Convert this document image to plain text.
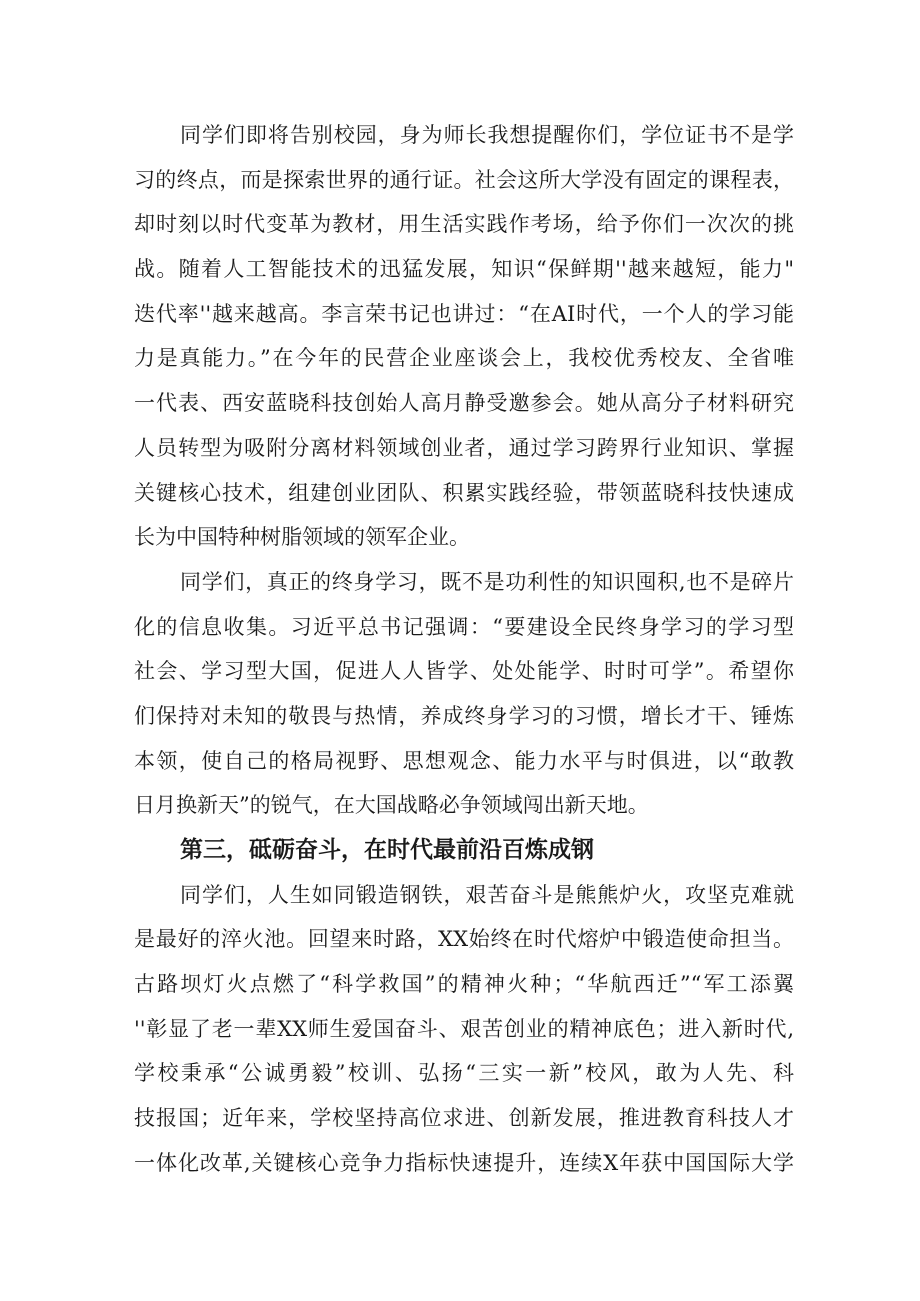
同学们即将告别校园，身为师长我想提醒你们，学位证书不是学
习的终点，而是探索世界的通行证。社会这所大学没有固定的课程表，
却时刻以时代变革为教材，用生活实践作考场，给予你们一次次的挑
战。随着人工智能技术的迅猛发展，知识“保鲜期''越来越短，能力"
迭代率''越来越高。李言荣书记也讲过：“在AI时代，一个人的学习能
力是真能力。”在今年的民营企业座谈会上，我校优秀校友、全省唯
一代表、西安蓝晓科技创始人高月静受邀参会。她从高分子材料研究
人员转型为吸附分离材料领域创业者，通过学习跨界行业知识、掌握
关键核心技术，组建创业团队、积累实践经验，带领蓝晓科技快速成
长为中国特种树脂领域的领军企业。
同学们，真正的终身学习，既不是功利性的知识囤积,也不是碎片
化的信息收集。习近平总书记强调：“要建设全民终身学习的学习型
社会、学习型大国，促进人人皆学、处处能学、时时可学”。希望你
们保持对未知的敬畏与热情，养成终身学习的习惯，增长才干、锤炼
本领，使自己的格局视野、思想观念、能力水平与时俱进，以“敢教
日月换新天”的锐气，在大国战略必争领域闯出新天地。
第三，砥砺奋斗，在时代最前沿百炼成钢
同学们，人生如同锻造钢铁，艰苦奋斗是熊熊炉火，攻坚克难就
是最好的淬火池。回望来时路，XX始终在时代熔炉中锻造使命担当。
古路坝灯火点燃了“科学救国”的精神火种；“华航西迁”“军工添翼
''彰显了老一辈XX师生爱国奋斗、艰苦创业的精神底色；进入新时代,
学校秉承“公诚勇毅”校训、弘扬“三实一新”校风，敢为人先、科
技报国；近年来，学校坚持高位求进、创新发展，推进教育科技人才
一体化改革,关键核心竞争力指标快速提升，连续X年获中国国际大学
